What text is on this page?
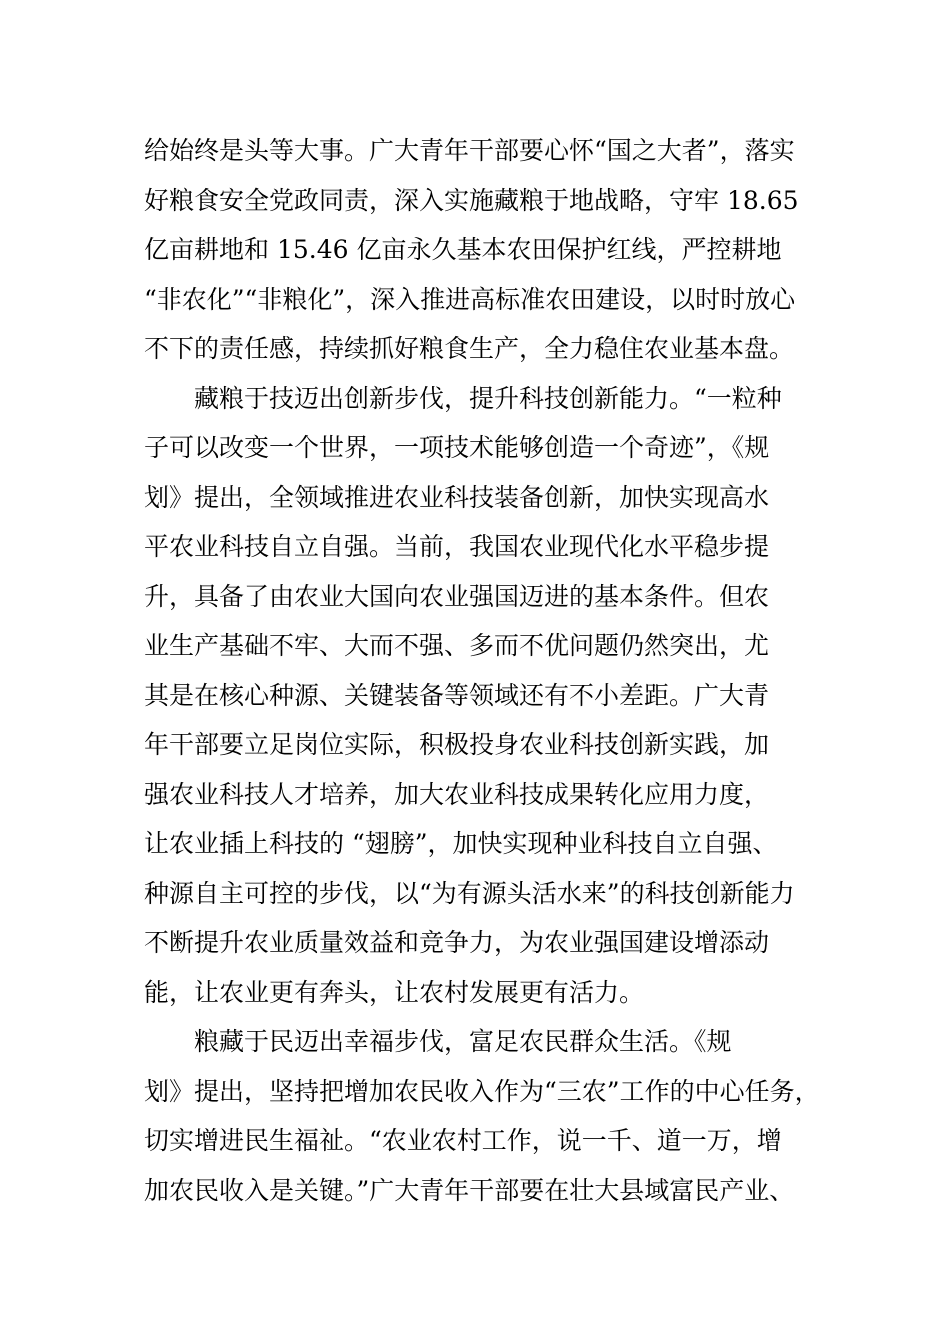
给始终是头等大事。广大青年干部要心怀“国之大者”，落实
好粮食安全党政同责，深入实施藏粮于地战略，守牢 18.65
亿亩耕地和 15.46 亿亩永久基本农田保护红线，严控耕地
“非农化”“非粮化”，深入推进高标准农田建设，以时时放心
不下的责任感，持续抓好粮食生产，全力稳住农业基本盘。
藏粮于技迈出创新步伐，提升科技创新能力。“一粒种
子可以改变一个世界，一项技术能够创造一个奇迹”，《规
划》提出，全领域推进农业科技装备创新，加快实现高水
平农业科技自立自强。当前，我国农业现代化水平稳步提
升，具备了由农业大国向农业强国迈进的基本条件。但农
业生产基础不牢、大而不强、多而不优问题仍然突出，尤
其是在核心种源、关键装备等领域还有不小差距。广大青
年干部要立足岗位实际，积极投身农业科技创新实践，加
强农业科技人才培养，加大农业科技成果转化应用力度，
让农业插上科技的 “翅膀”，加快实现种业科技自立自强、
种源自主可控的步伐，以“为有源头活水来”的科技创新能力
不断提升农业质量效益和竞争力，为农业强国建设增添动
能，让农业更有奔头，让农村发展更有活力。
粮藏于民迈出幸福步伐，富足农民群众生活。《规
划》提出，坚持把增加农民收入作为“三农”工作的中心任务，
切实增进民生福祉。“农业农村工作，说一千、道一万，增
加农民收入是关键。”广大青年干部要在壮大县域富民产业、
